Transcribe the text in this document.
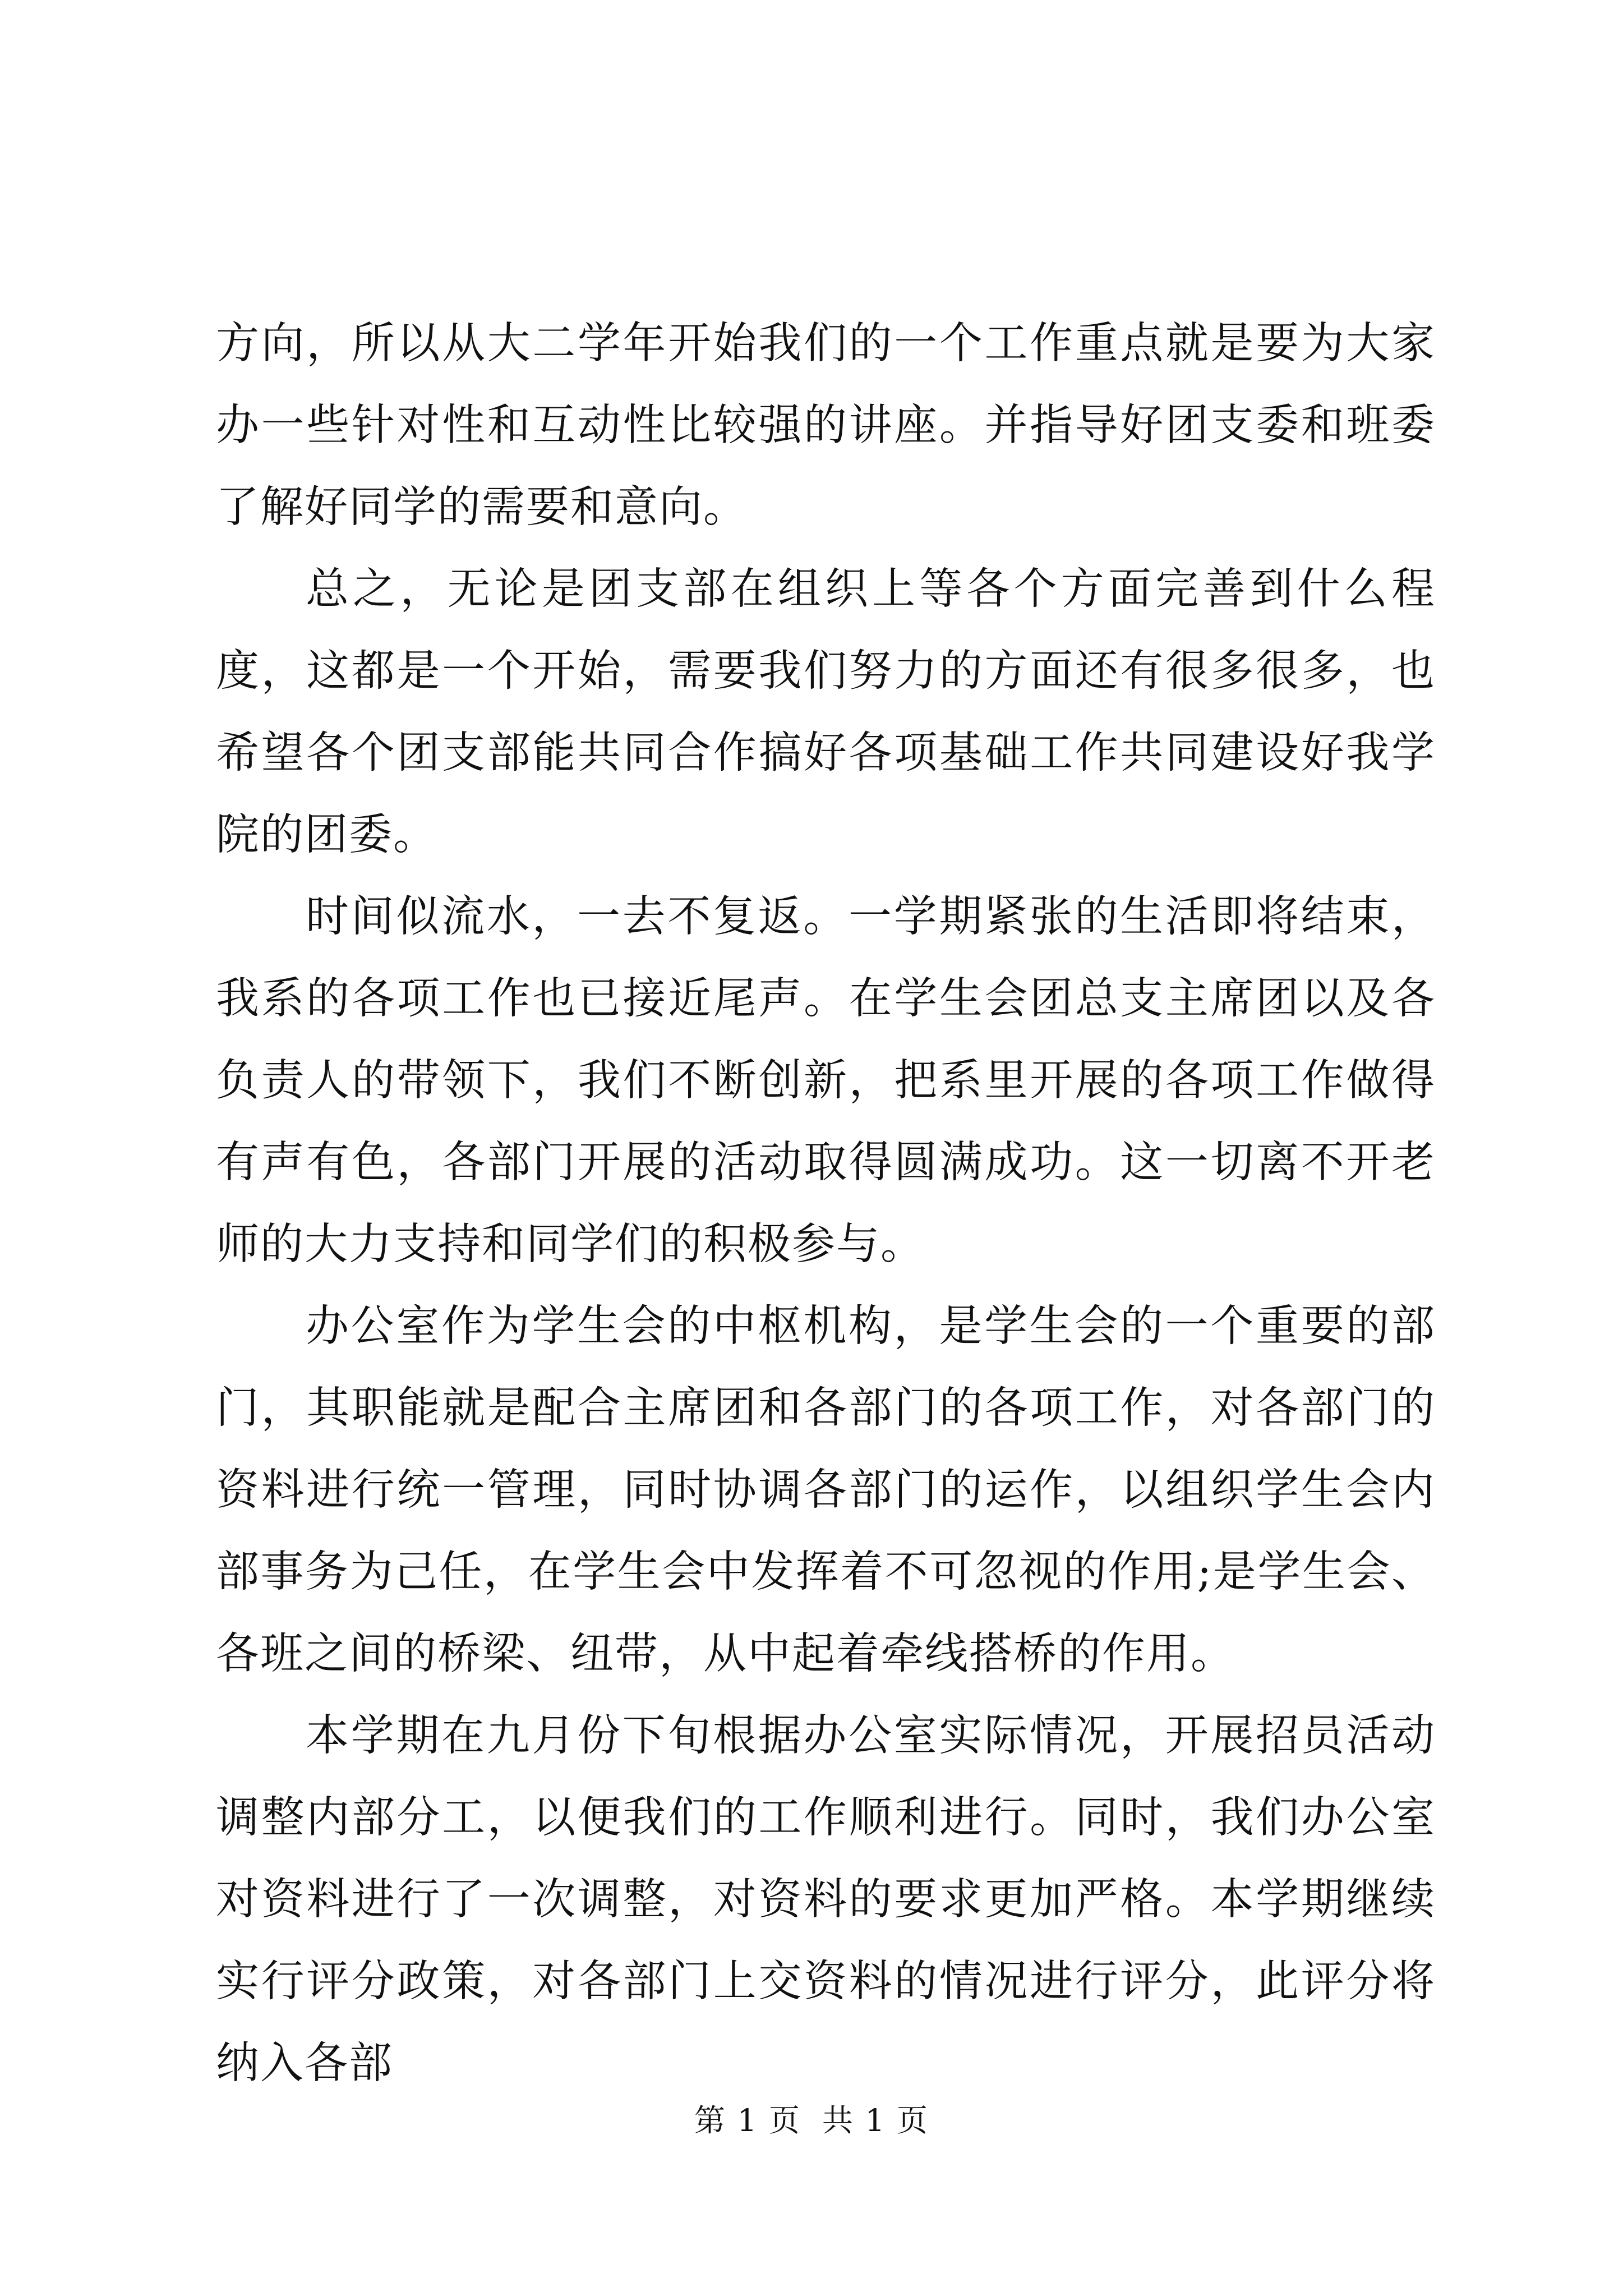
方向，所以从大二学年开始我们的一个工作重点就是要为大家办一些针对性和互动性比较强的讲座。并指导好团支委和班委了解好同学的需要和意向。

总之，无论是团支部在组织上等各个方面完善到什么程度，这都是一个开始，需要我们努力的方面还有很多很多，也希望各个团支部能共同合作搞好各项基础工作共同建设好我学院的团委。

时间似流水，一去不复返。一学期紧张的生活即将结束，我系的各项工作也已接近尾声。在学生会团总支主席团以及各负责人的带领下，我们不断创新，把系里开展的各项工作做得有声有色，各部门开展的活动取得圆满成功。这一切离不开老师的大力支持和同学们的积极参与。

办公室作为学生会的中枢机构，是学生会的一个重要的部门，其职能就是配合主席团和各部门的各项工作，对各部门的资料进行统一管理，同时协调各部门的运作，以组织学生会内部事务为己任，在学生会中发挥着不可忽视的作用;是学生会、各班之间的桥梁、纽带，从中起着牵线搭桥的作用。

本学期在九月份下旬根据办公室实际情况，开展招员活动调整内部分工，以便我们的工作顺利进行。同时，我们办公室对资料进行了一次调整，对资料的要求更加严格。本学期继续实行评分政策，对各部门上交资料的情况进行评分，此评分将纳入各部

第 1 页 共 1 页
